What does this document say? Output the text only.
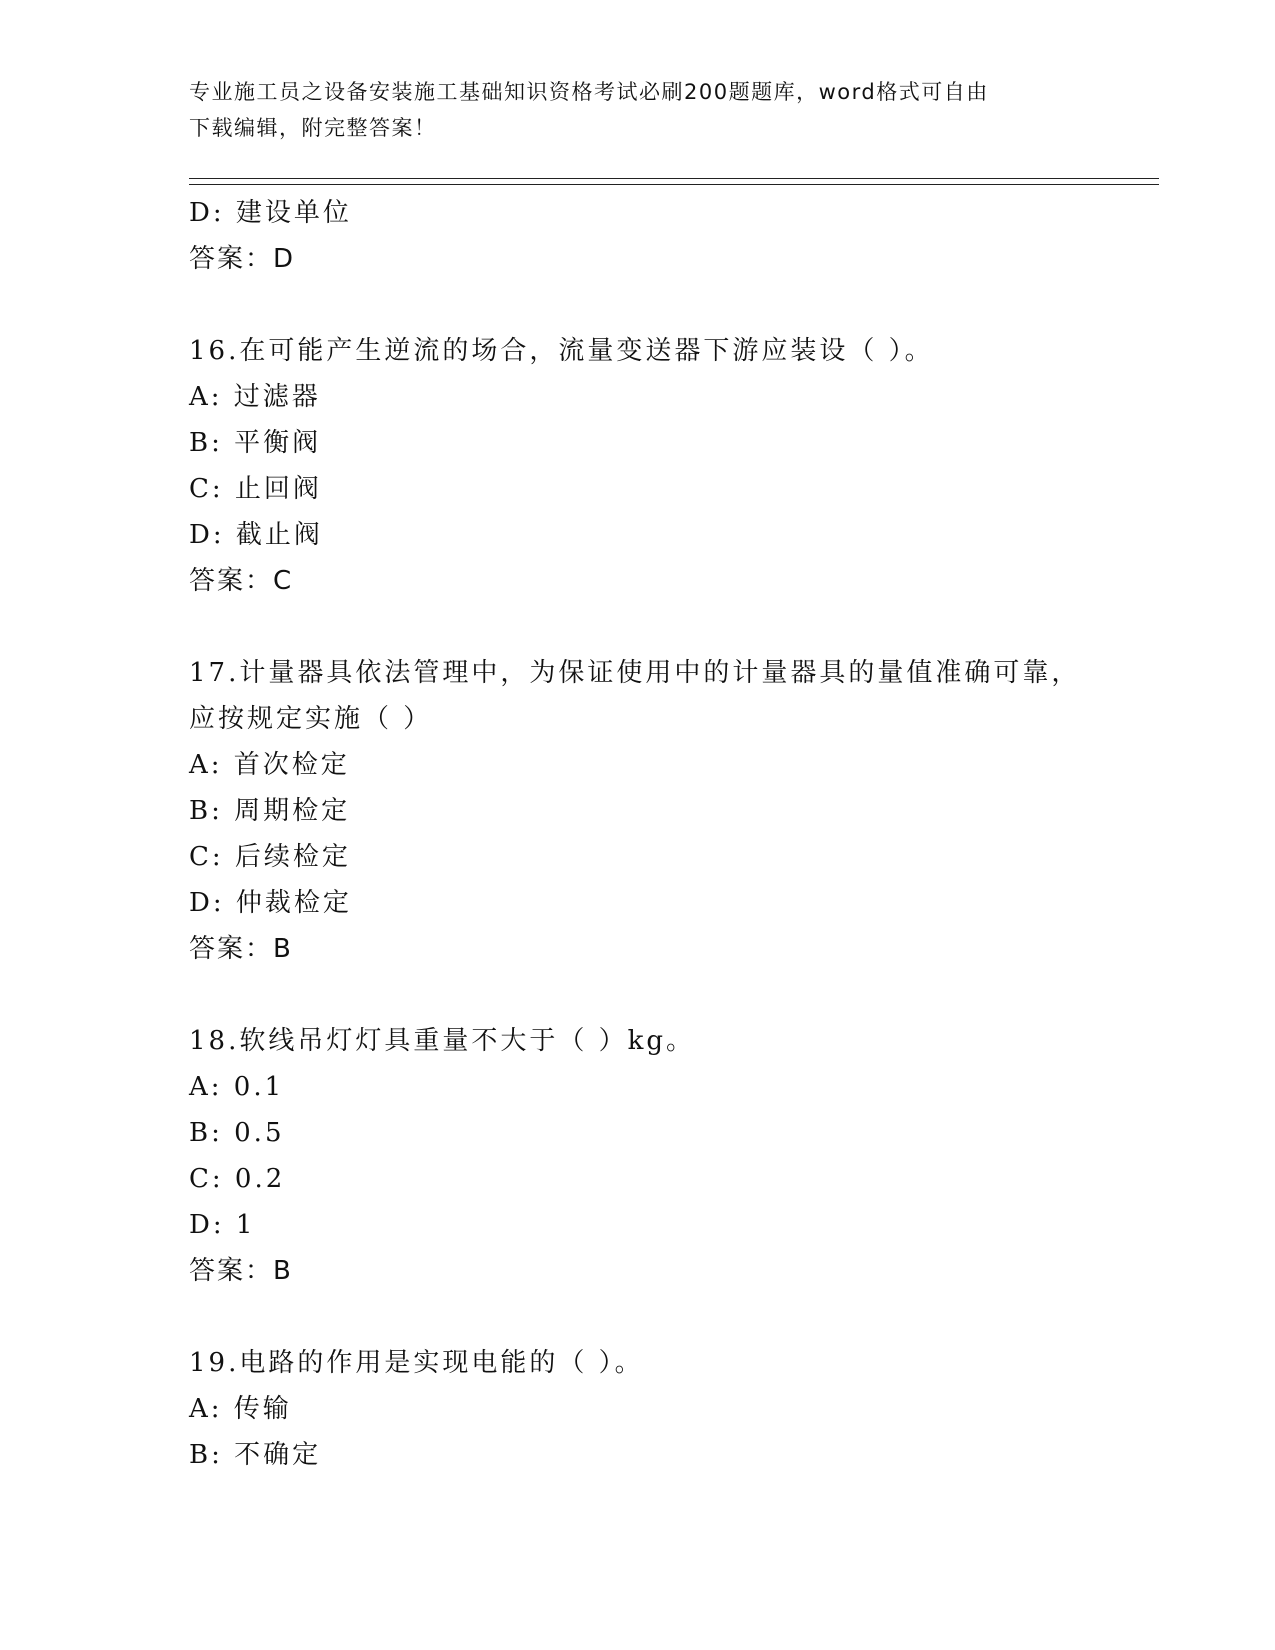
专业施工员之设备安装施工基础知识资格考试必刷200题题库，word格式可自由
下载编辑，附完整答案！
D: 建设单位
答案：D
16.在可能产生逆流的场合，流量变送器下游应装设（ ）。
A: 过滤器
B: 平衡阀
C: 止回阀
D: 截止阀
答案：C
17.计量器具依法管理中，为保证使用中的计量器具的量值准确可靠，
应按规定实施（ ）
A: 首次检定
B: 周期检定
C: 后续检定
D: 仲裁检定
答案：B
18.软线吊灯灯具重量不大于（ ）kg。
A: 0.1
B: 0.5
C: 0.2
D: 1
答案：B
19.电路的作用是实现电能的（ ）。
A: 传输
B: 不确定
